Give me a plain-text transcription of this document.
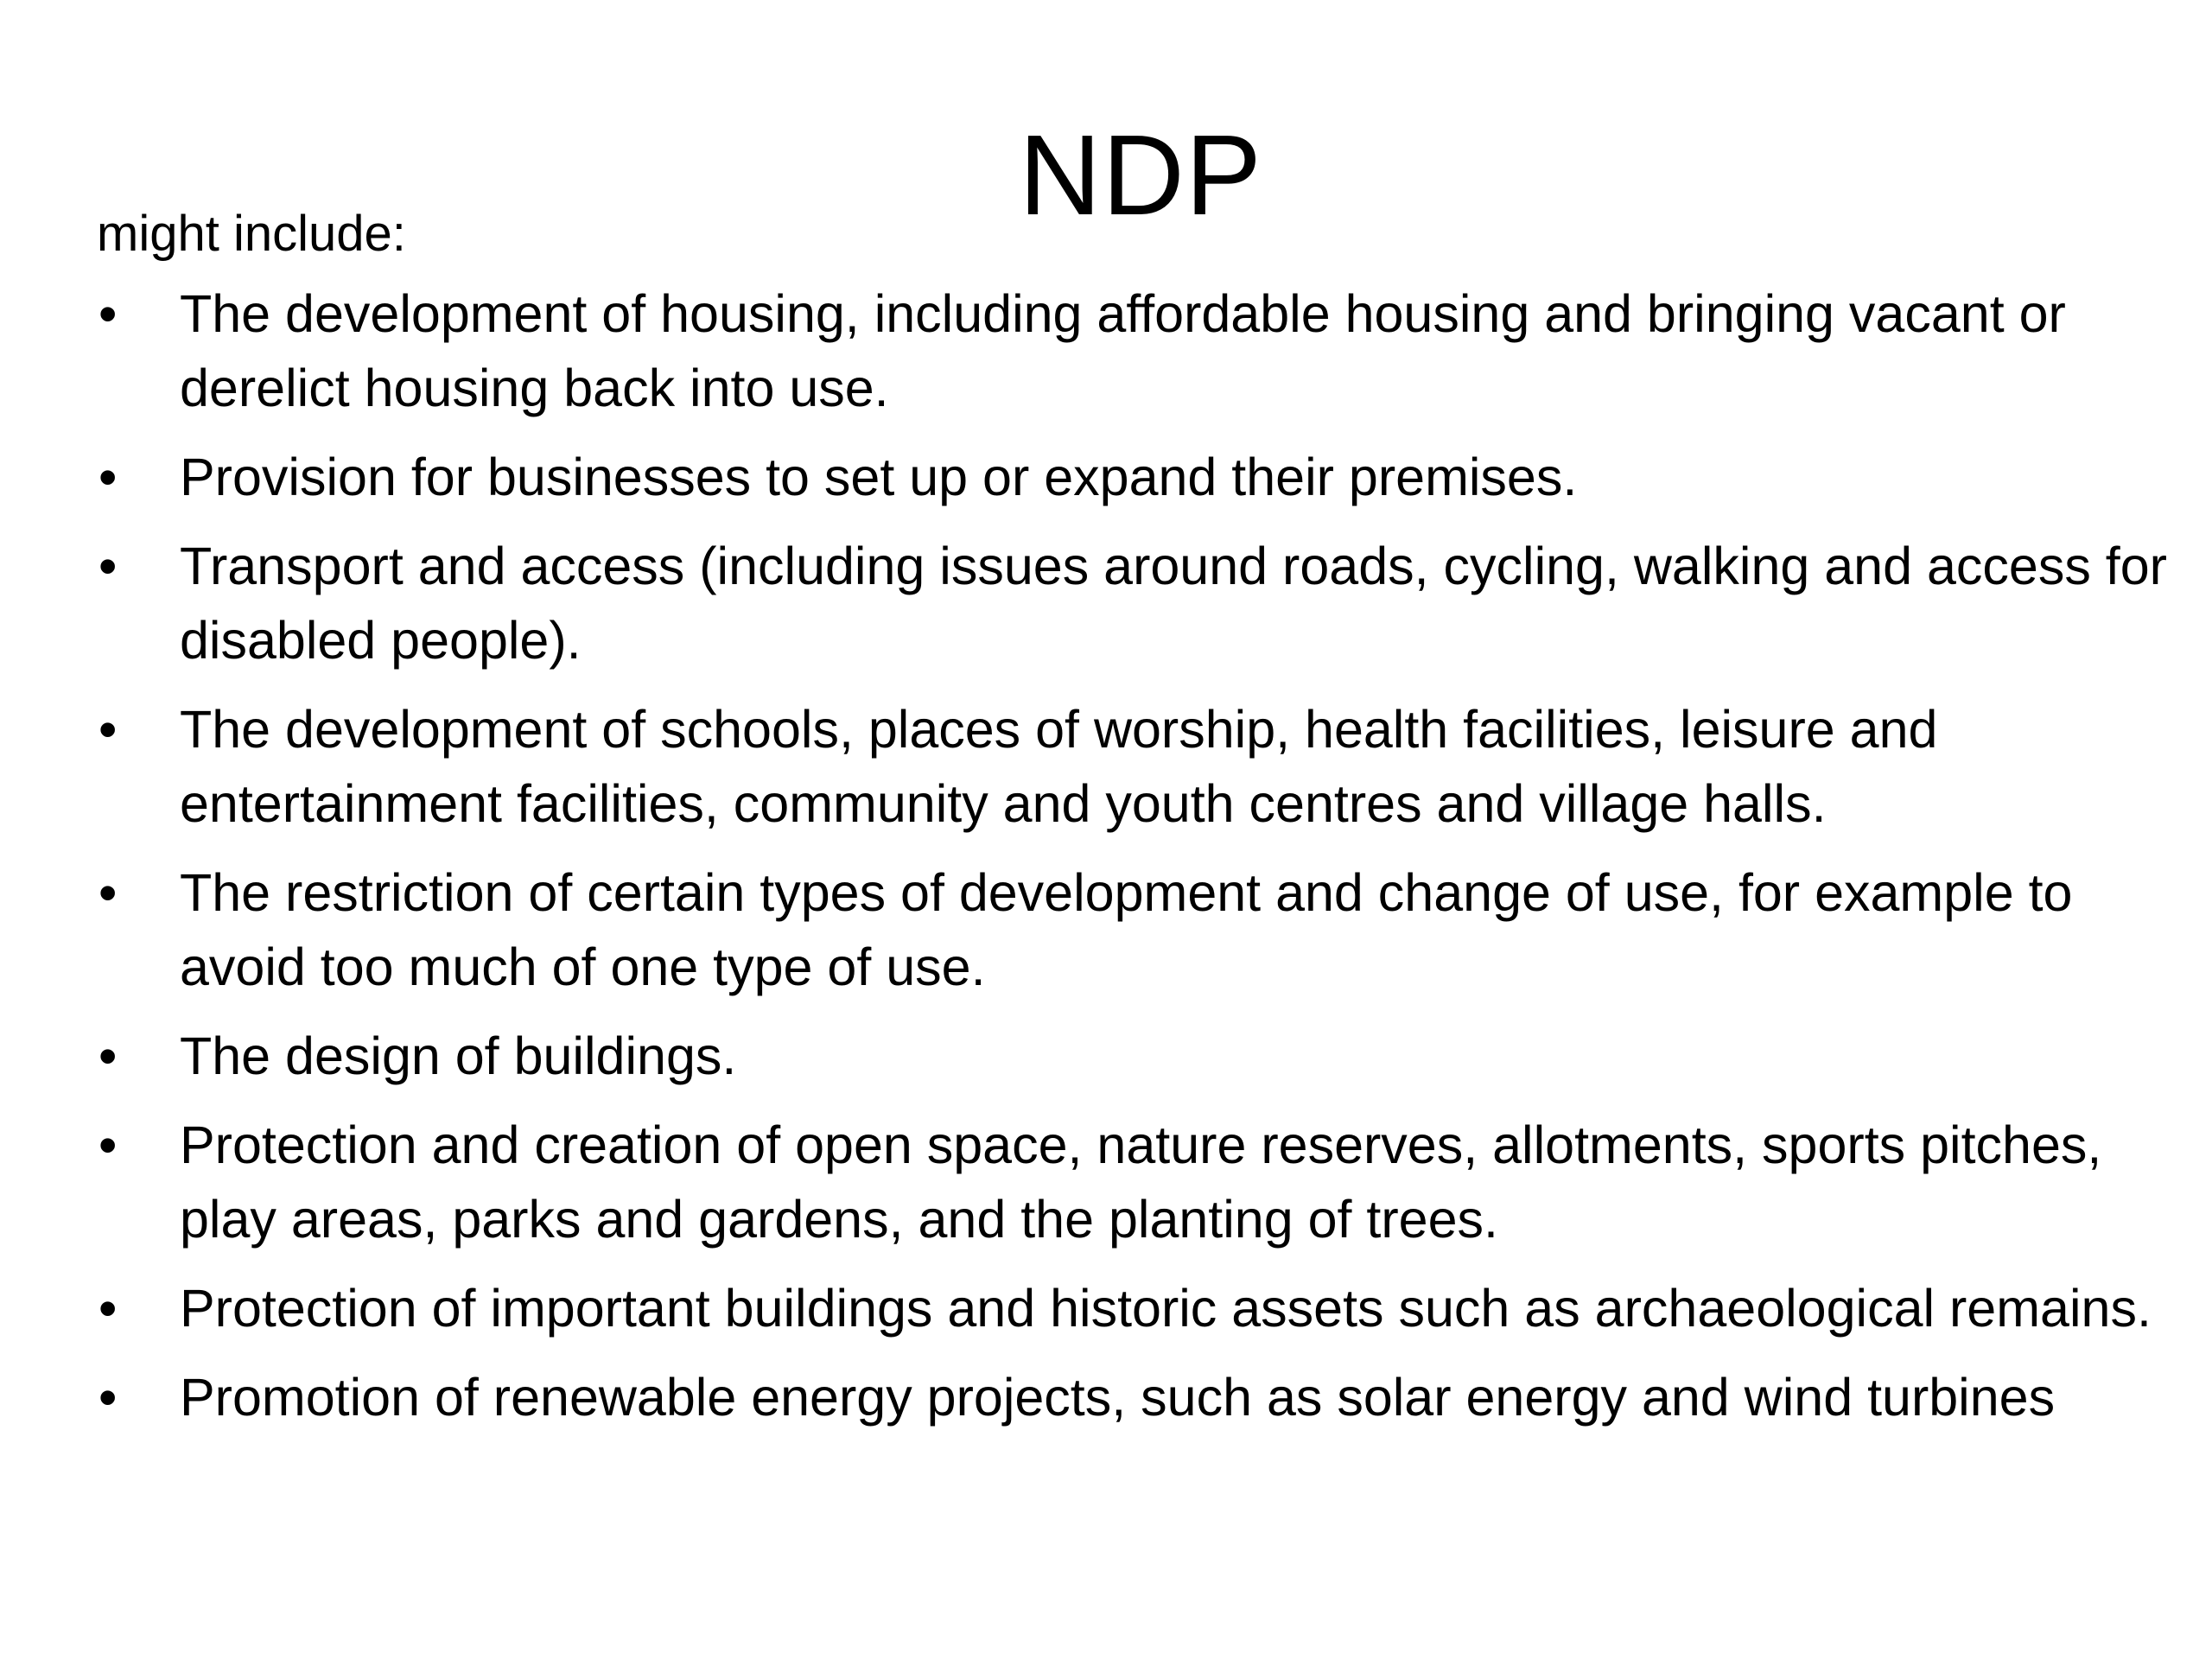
NDP
might include:
•	The development of housing, including affordable housing and bringing vacant or derelict housing back into use.
•	Provision for businesses to set up or expand their premises.
•	Transport and access (including issues around roads, cycling, walking and access for disabled people).
•	The development of schools, places of worship, health facilities, leisure and entertainment facilities, community and youth centres and village halls.
•	The restriction of certain types of development and change of use, for example to avoid too much of one type of use.
•	The design of buildings.
•	Protection and creation of open space, nature reserves, allotments, sports pitches, play areas, parks and gardens, and the planting of trees.
•	Protection of important buildings and historic assets such as archaeological remains.
•	Promotion of renewable energy projects, such as solar energy and wind turbines
